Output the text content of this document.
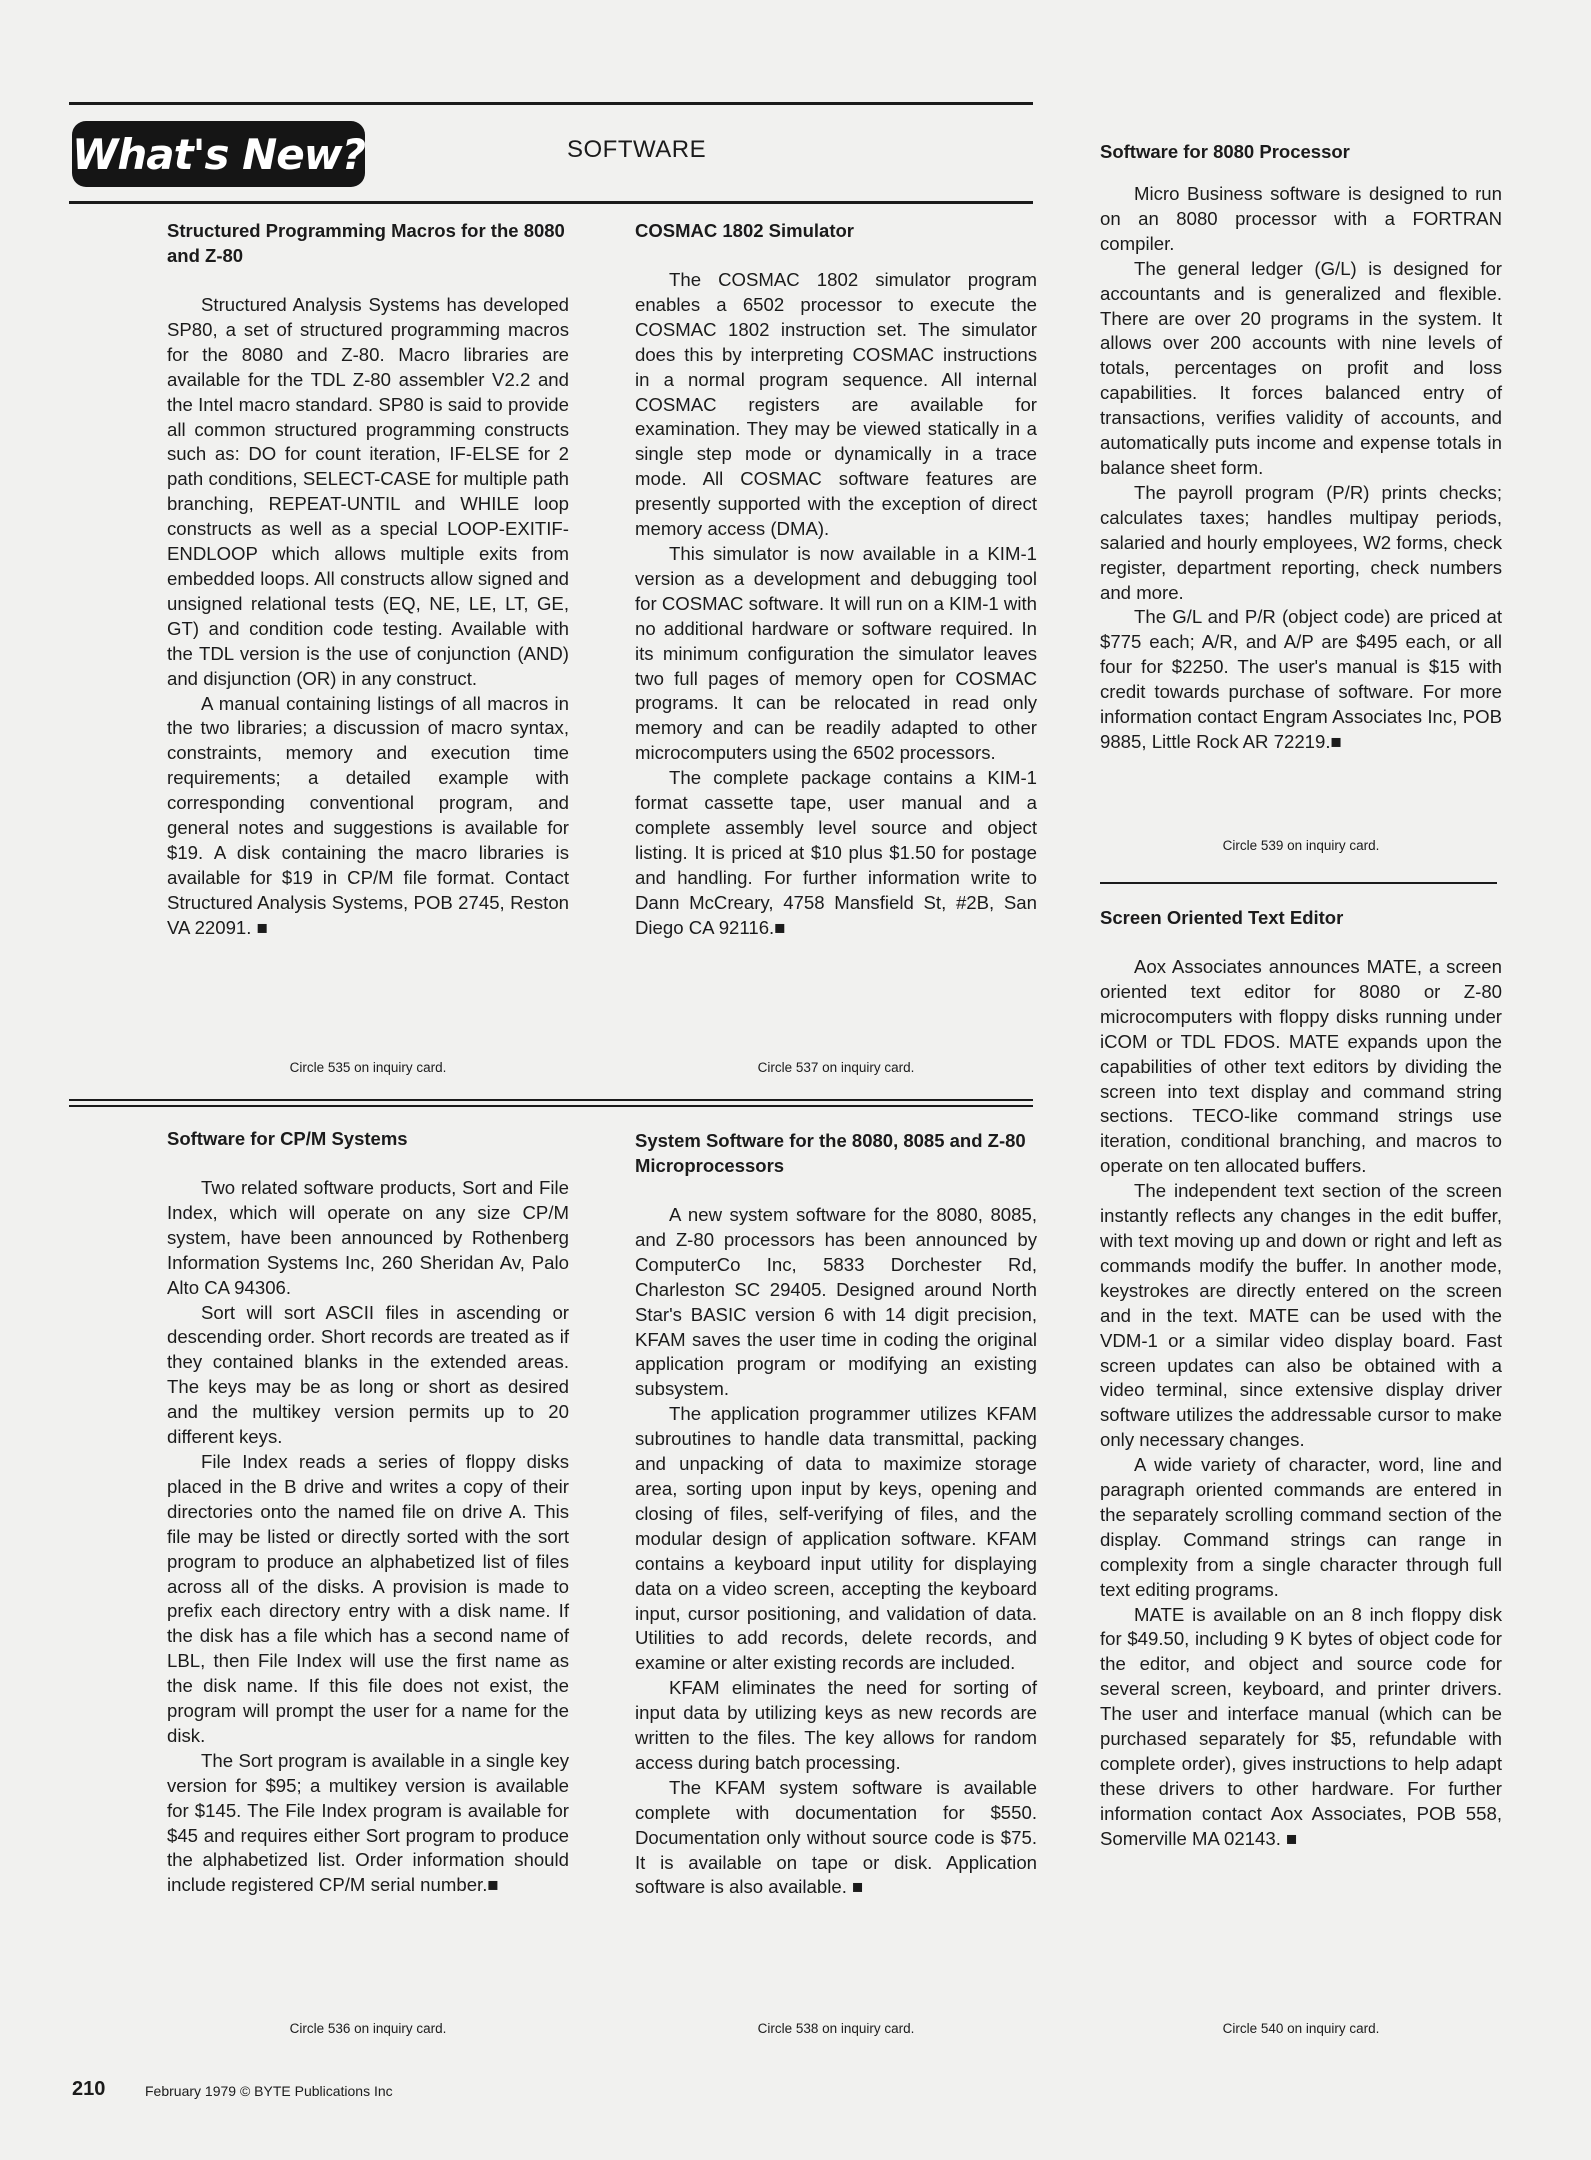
What's New?	SOFTWARE
Structured Programming Macros for the 8080 and Z-80

Structured Analysis Systems has developed SP80, a set of structured programming macros for the 8080 and Z-80. Macro libraries are available for the TDL Z-80 assembler V2.2 and the Intel macro standard. SP80 is said to provide all common structured programming constructs such as: DO for count iteration, IF-ELSE for 2 path conditions, SELECT-CASE for multiple path branching, REPEAT-UNTIL and WHILE loop constructs as well as a special LOOP-EXITIF-ENDLOOP which allows multiple exits from embedded loops. All constructs allow signed and unsigned relational tests (EQ, NE, LE, LT, GE, GT) and condition code testing. Available with the TDL version is the use of conjunction (AND) and disjunction (OR) in any construct.

A manual containing listings of all macros in the two libraries; a discussion of macro syntax, constraints, memory and execution time requirements; a detailed example with corresponding conventional program, and general notes and suggestions is available for $19. A disk containing the macro libraries is available for $19 in CP/M file format. Contact Structured Analysis Systems, POB 2745, Reston VA 22091. ■

Circle 535 on inquiry card.
COSMAC 1802 Simulator

The COSMAC 1802 simulator program enables a 6502 processor to execute the COSMAC 1802 instruction set. The simulator does this by interpreting COSMAC instructions in a normal program sequence. All internal COSMAC registers are available for examination. They may be viewed statically in a single step mode or dynamically in a trace mode. All COSMAC software features are presently supported with the exception of direct memory access (DMA).

This simulator is now available in a KIM-1 version as a development and debugging tool for COSMAC software. It will run on a KIM-1 with no additional hardware or software required. In its minimum configuration the simulator leaves two full pages of memory open for COSMAC programs. It can be relocated in read only memory and can be readily adapted to other microcomputers using the 6502 processors.

The complete package contains a KIM-1 format cassette tape, user manual and a complete assembly level source and object listing. It is priced at $10 plus $1.50 for postage and handling. For further information write to Dann McCreary, 4758 Mansfield St, #2B, San Diego CA 92116.■

Circle 537 on inquiry card.
Software for 8080 Processor

Micro Business software is designed to run on an 8080 processor with a FORTRAN compiler.

The general ledger (G/L) is designed for accountants and is generalized and flexible. There are over 20 programs in the system. It allows over 200 accounts with nine levels of totals, percentages on profit and loss capabilities. It forces balanced entry of transactions, verifies validity of accounts, and automatically puts income and expense totals in balance sheet form.

The payroll program (P/R) prints checks; calculates taxes; handles multipay periods, salaried and hourly employees, W2 forms, check register, department reporting, check numbers and more.

The G/L and P/R (object code) are priced at $775 each; A/R, and A/P are $495 each, or all four for $2250. The user's manual is $15 with credit towards purchase of software. For more information contact Engram Associates Inc, POB 9885, Little Rock AR 72219.■

Circle 539 on inquiry card.
Screen Oriented Text Editor

Aox Associates announces MATE, a screen oriented text editor for 8080 or Z-80 microcomputers with floppy disks running under iCOM or TDL FDOS. MATE expands upon the capabilities of other text editors by dividing the screen into text display and command string sections. TECO-like command strings use iteration, conditional branching, and macros to operate on ten allocated buffers.

The independent text section of the screen instantly reflects any changes in the edit buffer, with text moving up and down or right and left as commands modify the buffer. In another mode, keystrokes are directly entered on the screen and in the text. MATE can be used with the VDM-1 or a similar video display board. Fast screen updates can also be obtained with a video terminal, since extensive display driver software utilizes the addressable cursor to make only necessary changes.

A wide variety of character, word, line and paragraph oriented commands are entered in the separately scrolling command section of the display. Command strings can range in complexity from a single character through full text editing programs.

MATE is available on an 8 inch floppy disk for $49.50, including 9 K bytes of object code for the editor, and object and source code for several screen, keyboard, and printer drivers. The user and interface manual (which can be purchased separately for $5, refundable with complete order), gives instructions to help adapt these drivers to other hardware. For further information contact Aox Associates, POB 558, Somerville MA 02143. ■

Circle 540 on inquiry card.
Software for CP/M Systems

Two related software products, Sort and File Index, which will operate on any size CP/M system, have been announced by Rothenberg Information Systems Inc, 260 Sheridan Av, Palo Alto CA 94306.

Sort will sort ASCII files in ascending or descending order. Short records are treated as if they contained blanks in the extended areas. The keys may be as long or short as desired and the multikey version permits up to 20 different keys.

File Index reads a series of floppy disks placed in the B drive and writes a copy of their directories onto the named file on drive A. This file may be listed or directly sorted with the sort program to produce an alphabetized list of files across all of the disks. A provision is made to prefix each directory entry with a disk name. If the disk has a file which has a second name of LBL, then File Index will use the first name as the disk name. If this file does not exist, the program will prompt the user for a name for the disk.

The Sort program is available in a single key version for $95; a multikey version is available for $145. The File Index program is available for $45 and requires either Sort program to produce the alphabetized list. Order information should include registered CP/M serial number.■

Circle 536 on inquiry card.
System Software for the 8080, 8085 and Z-80 Microprocessors

A new system software for the 8080, 8085, and Z-80 processors has been announced by ComputerCo Inc, 5833 Dorchester Rd, Charleston SC 29405. Designed around North Star's BASIC version 6 with 14 digit precision, KFAM saves the user time in coding the original application program or modifying an existing subsystem.

The application programmer utilizes KFAM subroutines to handle data transmittal, packing and unpacking of data to maximize storage area, sorting upon input by keys, opening and closing of files, self-verifying of files, and the modular design of application software. KFAM contains a keyboard input utility for displaying data on a video screen, accepting the keyboard input, cursor positioning, and validation of data. Utilities to add records, delete records, and examine or alter existing records are included.

KFAM eliminates the need for sorting of input data by utilizing keys as new records are written to the files. The key allows for random access during batch processing.

The KFAM system software is available complete with documentation for $550. Documentation only without source code is $75. It is available on tape or disk. Application software is also available. ■

Circle 538 on inquiry card.
210	February 1979 © BYTE Publications Inc
